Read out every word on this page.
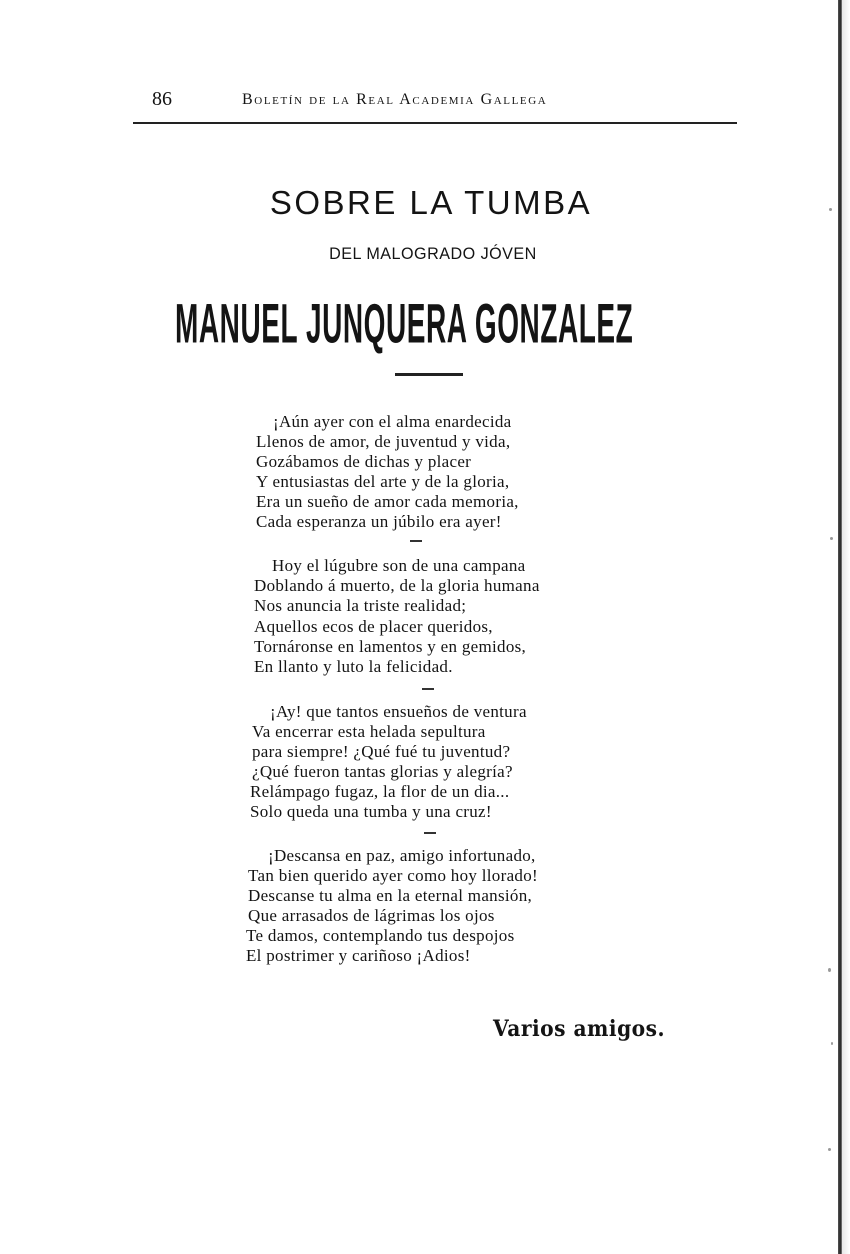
86	Boletín de la Real Academia Gallega
SOBRE LA TUMBA
DEL MALOGRADO JÓVEN
MANUEL JUNQUERA GONZALEZ
¡Aún ayer con el alma enardecida
Llenos de amor, de juventud y vida,
Gozábamos de dichas y placer
Y entusiastas del arte y de la gloria,
Era un sueño de amor cada memoria,
Cada esperanza un júbilo era ayer!
Hoy el lúgubre son de una campana
Doblando á muerto, de la gloria humana
Nos anuncia la triste realidad;
Aquellos ecos de placer queridos,
Tornáronse en lamentos y en gemidos,
En llanto y luto la felicidad.
¡Ay! que tantos ensueños de ventura
Va encerrar esta helada sepultura
para siempre! ¿Qué fué tu juventud?
¿Qué fueron tantas glorias y alegría?
Relámpago fugaz, la flor de un dia...
Solo queda una tumba y una cruz!
¡Descansa en paz, amigo infortunado,
Tan bien querido ayer como hoy llorado!
Descanse tu alma en la eternal mansión,
Que arrasados de lágrimas los ojos
Te damos, contemplando tus despojos
El postrimer y cariñoso ¡Adios!
Varios amigos.
